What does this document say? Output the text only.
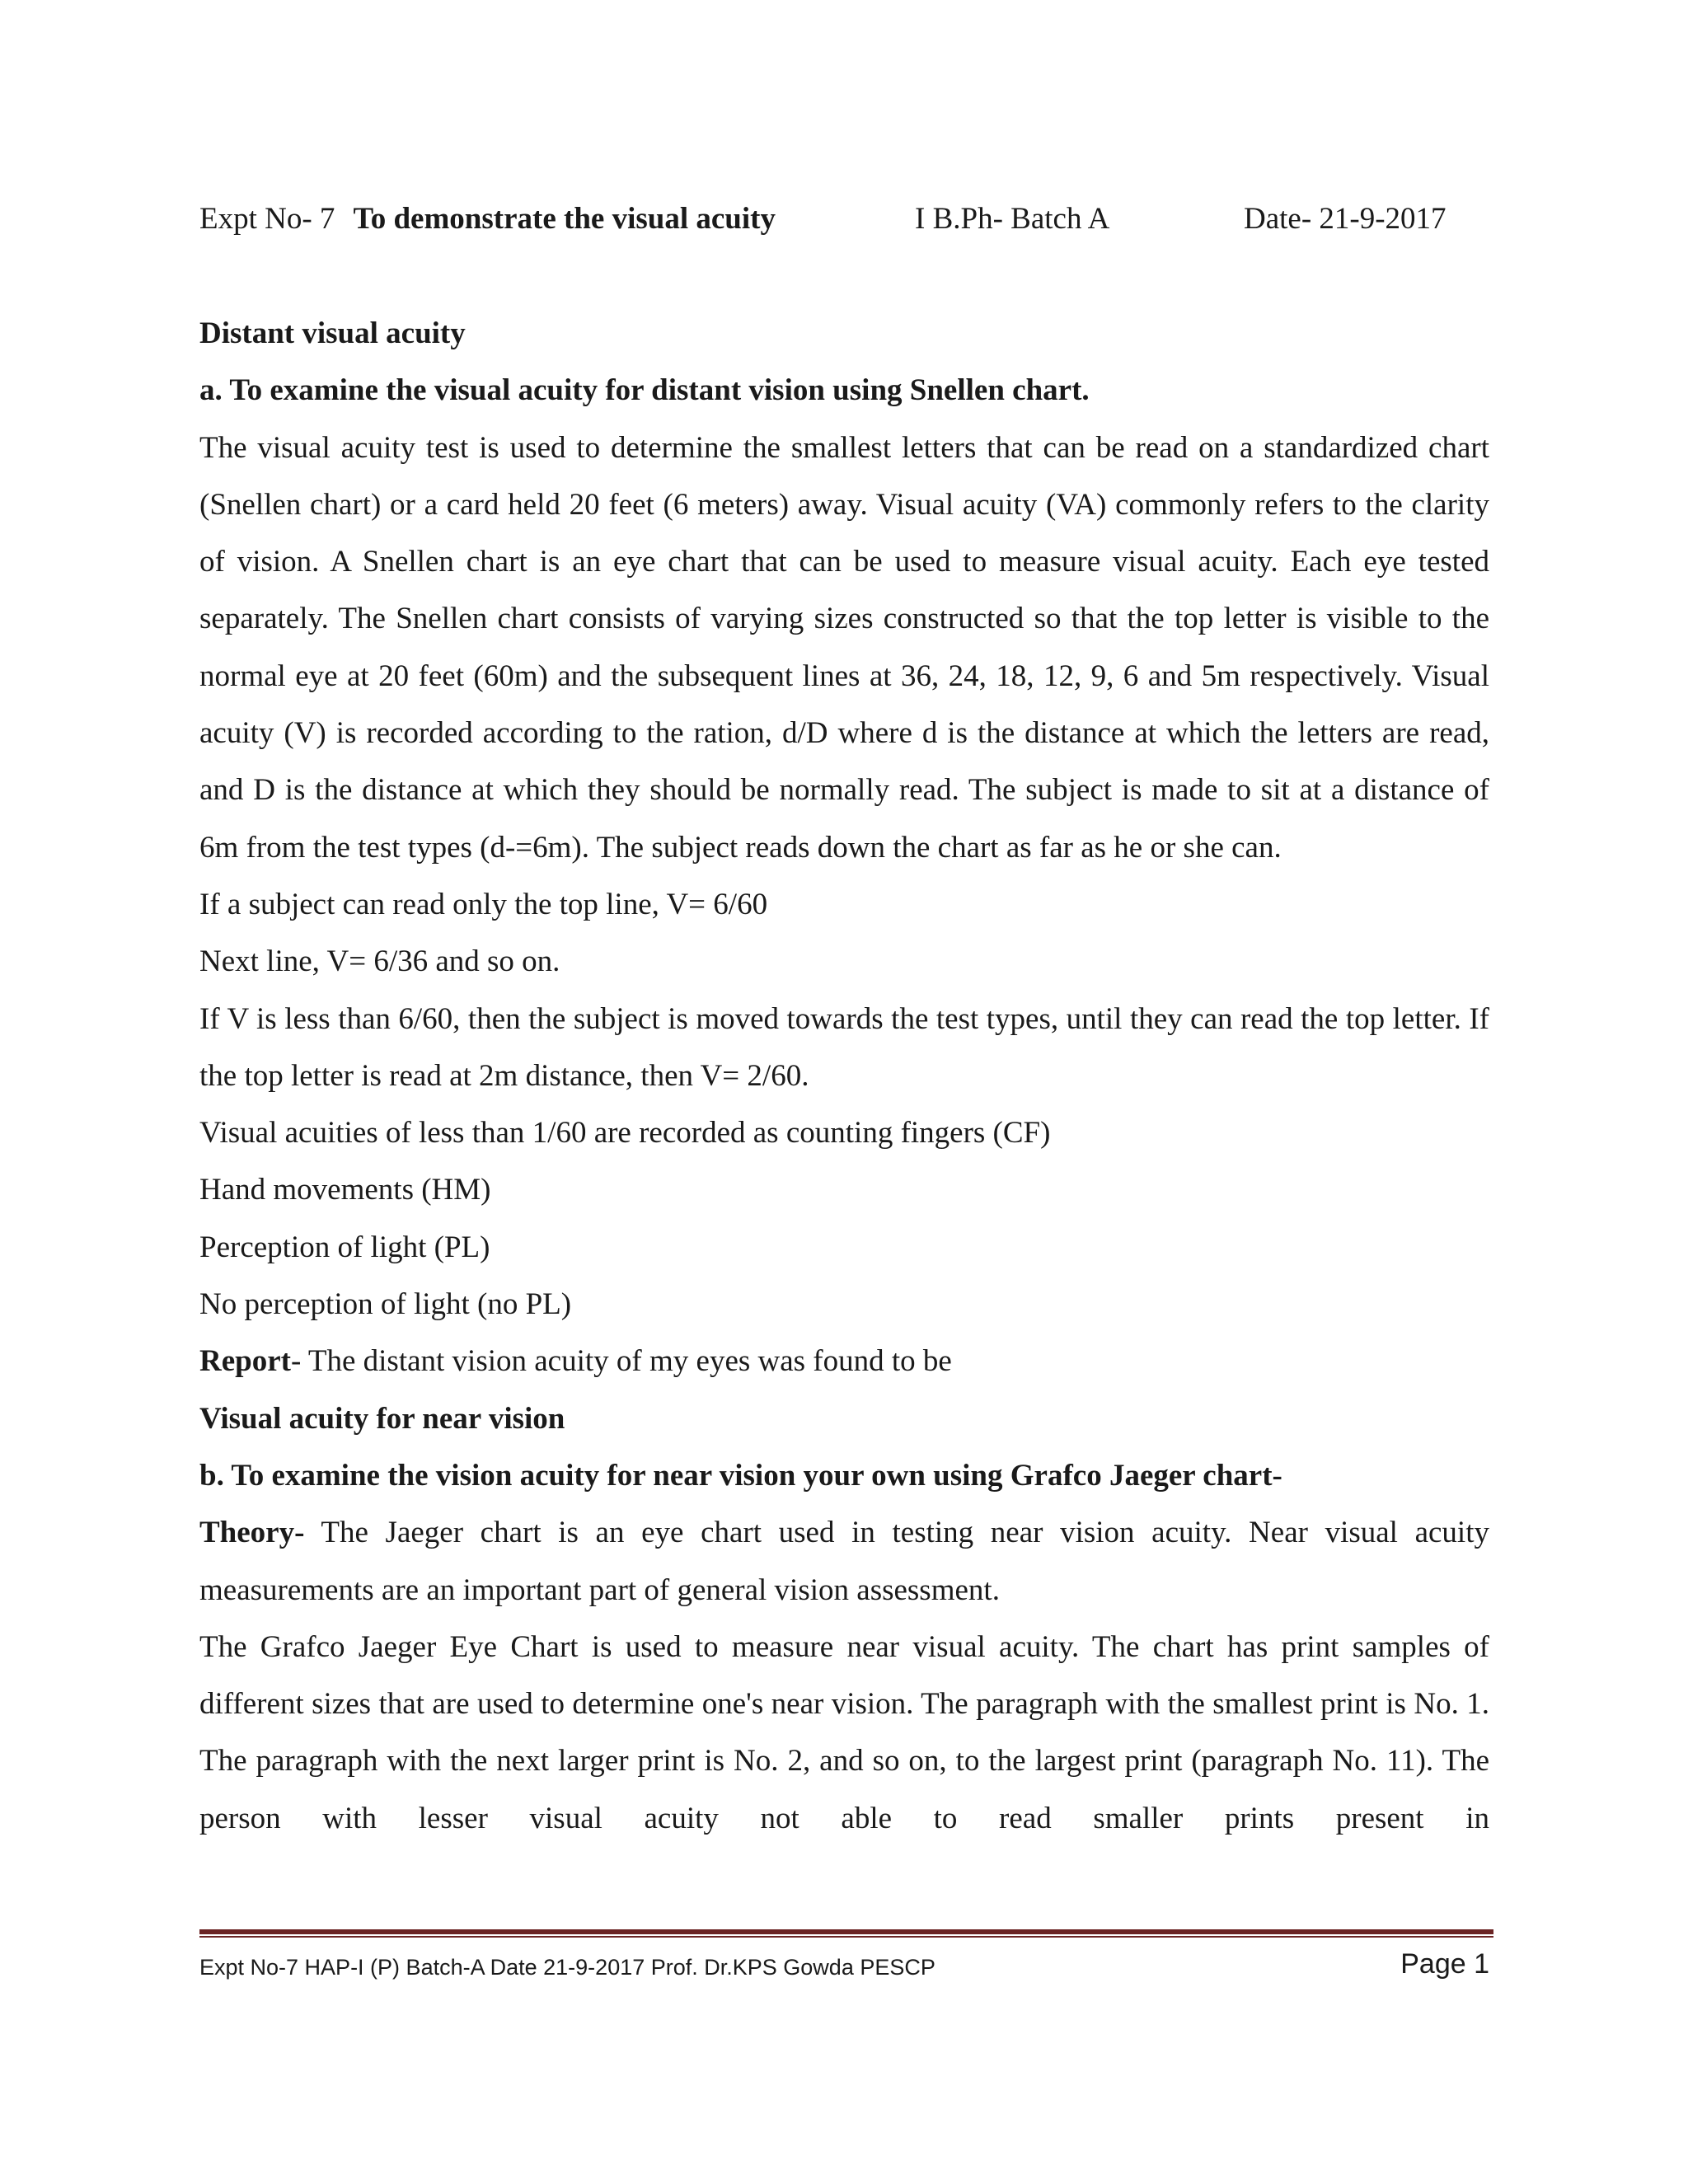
Expt No- 7 To demonstrate the visual acuity	I B.Ph- Batch A	Date- 21-9-2017

Distant visual acuity

a. To examine the visual acuity for distant vision using Snellen chart.

The visual acuity test is used to determine the smallest letters that can be read on a standardized chart (Snellen chart) or a card held 20 feet (6 meters) away. Visual acuity (VA) commonly refers to the clarity of vision. A Snellen chart is an eye chart that can be used to measure visual acuity. Each eye tested separately. The Snellen chart consists of varying sizes constructed so that the top letter is visible to the normal eye at 20 feet (60m) and the subsequent lines at 36, 24, 18, 12, 9, 6 and 5m respectively. Visual acuity (V) is recorded according to the ration, d/D where d is the distance at which the letters are read, and D is the distance at which they should be normally read. The subject is made to sit at a distance of 6m from the test types (d-=6m). The subject reads down the chart as far as he or she can.

If a subject can read only the top line, V= 6/60

Next line, V= 6/36 and so on.

If V is less than 6/60, then the subject is moved towards the test types, until they can read the top letter. If the top letter is read at 2m distance, then V= 2/60.

Visual acuities of less than 1/60 are recorded as counting fingers (CF)

Hand movements (HM)

Perception of light (PL)

No perception of light (no PL)

Report- The distant vision acuity of my eyes was found to be

Visual acuity for near vision

b. To examine the vision acuity for near vision your own using Grafco Jaeger chart-

Theory- The Jaeger chart is an eye chart used in testing near vision acuity. Near visual acuity measurements are an important part of general vision assessment.

The Grafco Jaeger Eye Chart is used to measure near visual acuity. The chart has print samples of different sizes that are used to determine one's near vision. The paragraph with the smallest print is No. 1. The paragraph with the next larger print is No. 2, and so on, to the largest print (paragraph No. 11). The person with lesser visual acuity not able to read smaller prints present in

Expt No-7 HAP-I (P) Batch-A Date 21-9-2017 Prof. Dr.KPS Gowda PESCP	Page 1
